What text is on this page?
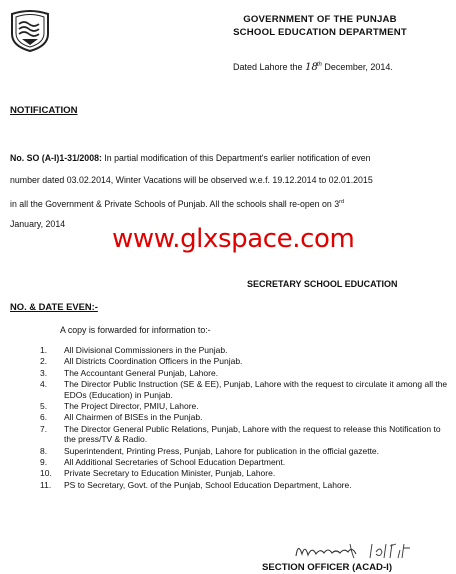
GOVERNMENT OF THE PUNJAB
SCHOOL EDUCATION DEPARTMENT
Dated Lahore the 18th December, 2014.
NOTIFICATION
No. SO (A-I)1-31/2008: In partial modification of this Department's earlier notification of even
number dated 03.02.2014, Winter Vacations will be observed w.e.f. 19.12.2014 to 02.01.2015
in all the Government & Private Schools of Punjab. All the schools shall re-open on 3rd
January, 2014	www.glxspace.com
SECRETARY SCHOOL EDUCATION
NO. & DATE EVEN:-
A copy is forwarded for information to:-
1.	All Divisional Commissioners in the Punjab.
2.	All Districts Coordination Officers in the Punjab.
3.	The Accountant General Punjab, Lahore.
4.	The Director Public Instruction (SE & EE), Punjab, Lahore with the request to circulate it among all the EDOs (Education) in Punjab.
5.	The Project Director, PMIU, Lahore.
6.	All Chairmen of BISEs in the Punjab.
7.	The Director General Public Relations, Punjab, Lahore with the request to release this Notification to the press/TV & Radio.
8.	Superintendent, Printing Press, Punjab, Lahore for publication in the official gazette.
9.	All Additional Secretaries of School Education Department.
10.	Private Secretary to Education Minister, Punjab, Lahore.
11.	PS to Secretary, Govt. of the Punjab, School Education Department, Lahore.
SECTION OFFICER (ACAD-I)
